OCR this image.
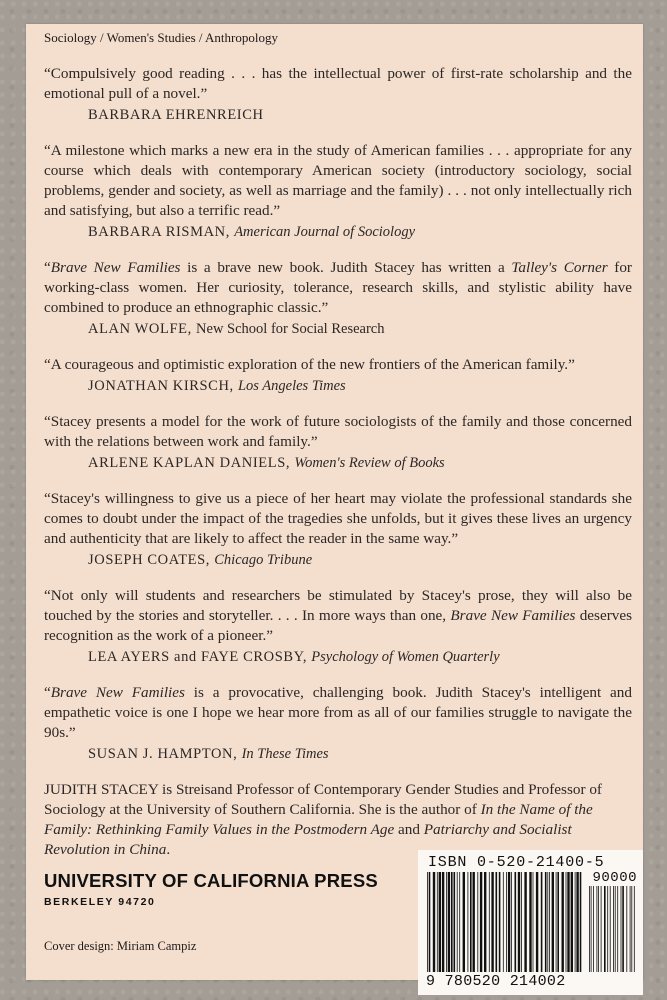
Sociology / Women's Studies / Anthropology

“Compulsively good reading . . . has the intellectual power of first-rate scholarship and the emotional pull of a novel.”

BARBARA EHRENREICH

“A milestone which marks a new era in the study of American families . . . appropriate for any course which deals with contemporary American society (introductory sociology, social problems, gender and society, as well as marriage and the family) . . . not only intellectually rich and satisfying, but also a terrific read.”

BARBARA RISMAN, American Journal of Sociology

“Brave New Families is a brave new book. Judith Stacey has written a Talley's Corner for working-class women. Her curiosity, tolerance, research skills, and stylistic ability have combined to produce an ethnographic classic.”

ALAN WOLFE, New School for Social Research

“A courageous and optimistic exploration of the new frontiers of the American family.”

JONATHAN KIRSCH, Los Angeles Times

“Stacey presents a model for the work of future sociologists of the family and those concerned with the relations between work and family.”

ARLENE KAPLAN DANIELS, Women's Review of Books

“Stacey's willingness to give us a piece of her heart may violate the professional standards she comes to doubt under the impact of the tragedies she unfolds, but it gives these lives an urgency and authenticity that are likely to affect the reader in the same way.”

JOSEPH COATES, Chicago Tribune

“Not only will students and researchers be stimulated by Stacey's prose, they will also be touched by the stories and storyteller. . . . In more ways than one, Brave New Families deserves recognition as the work of a pioneer.”

LEA AYERS and FAYE CROSBY, Psychology of Women Quarterly

“Brave New Families is a provocative, challenging book. Judith Stacey's intelligent and empathetic voice is one I hope we hear more from as all of our families struggle to navigate the 90s.”

SUSAN J. HAMPTON, In These Times

JUDITH STACEY is Streisand Professor of Contemporary Gender Studies and Professor of Sociology at the University of Southern California. She is the author of In the Name of the Family: Rethinking Family Values in the Postmodern Age and Patriarchy and Socialist Revolution in China.

UNIVERSITY OF CALIFORNIA PRESS
BERKELEY 94720
Cover design: Miriam Campiz
ISBN 0-520-21400-5
90000
9 780520 214002
